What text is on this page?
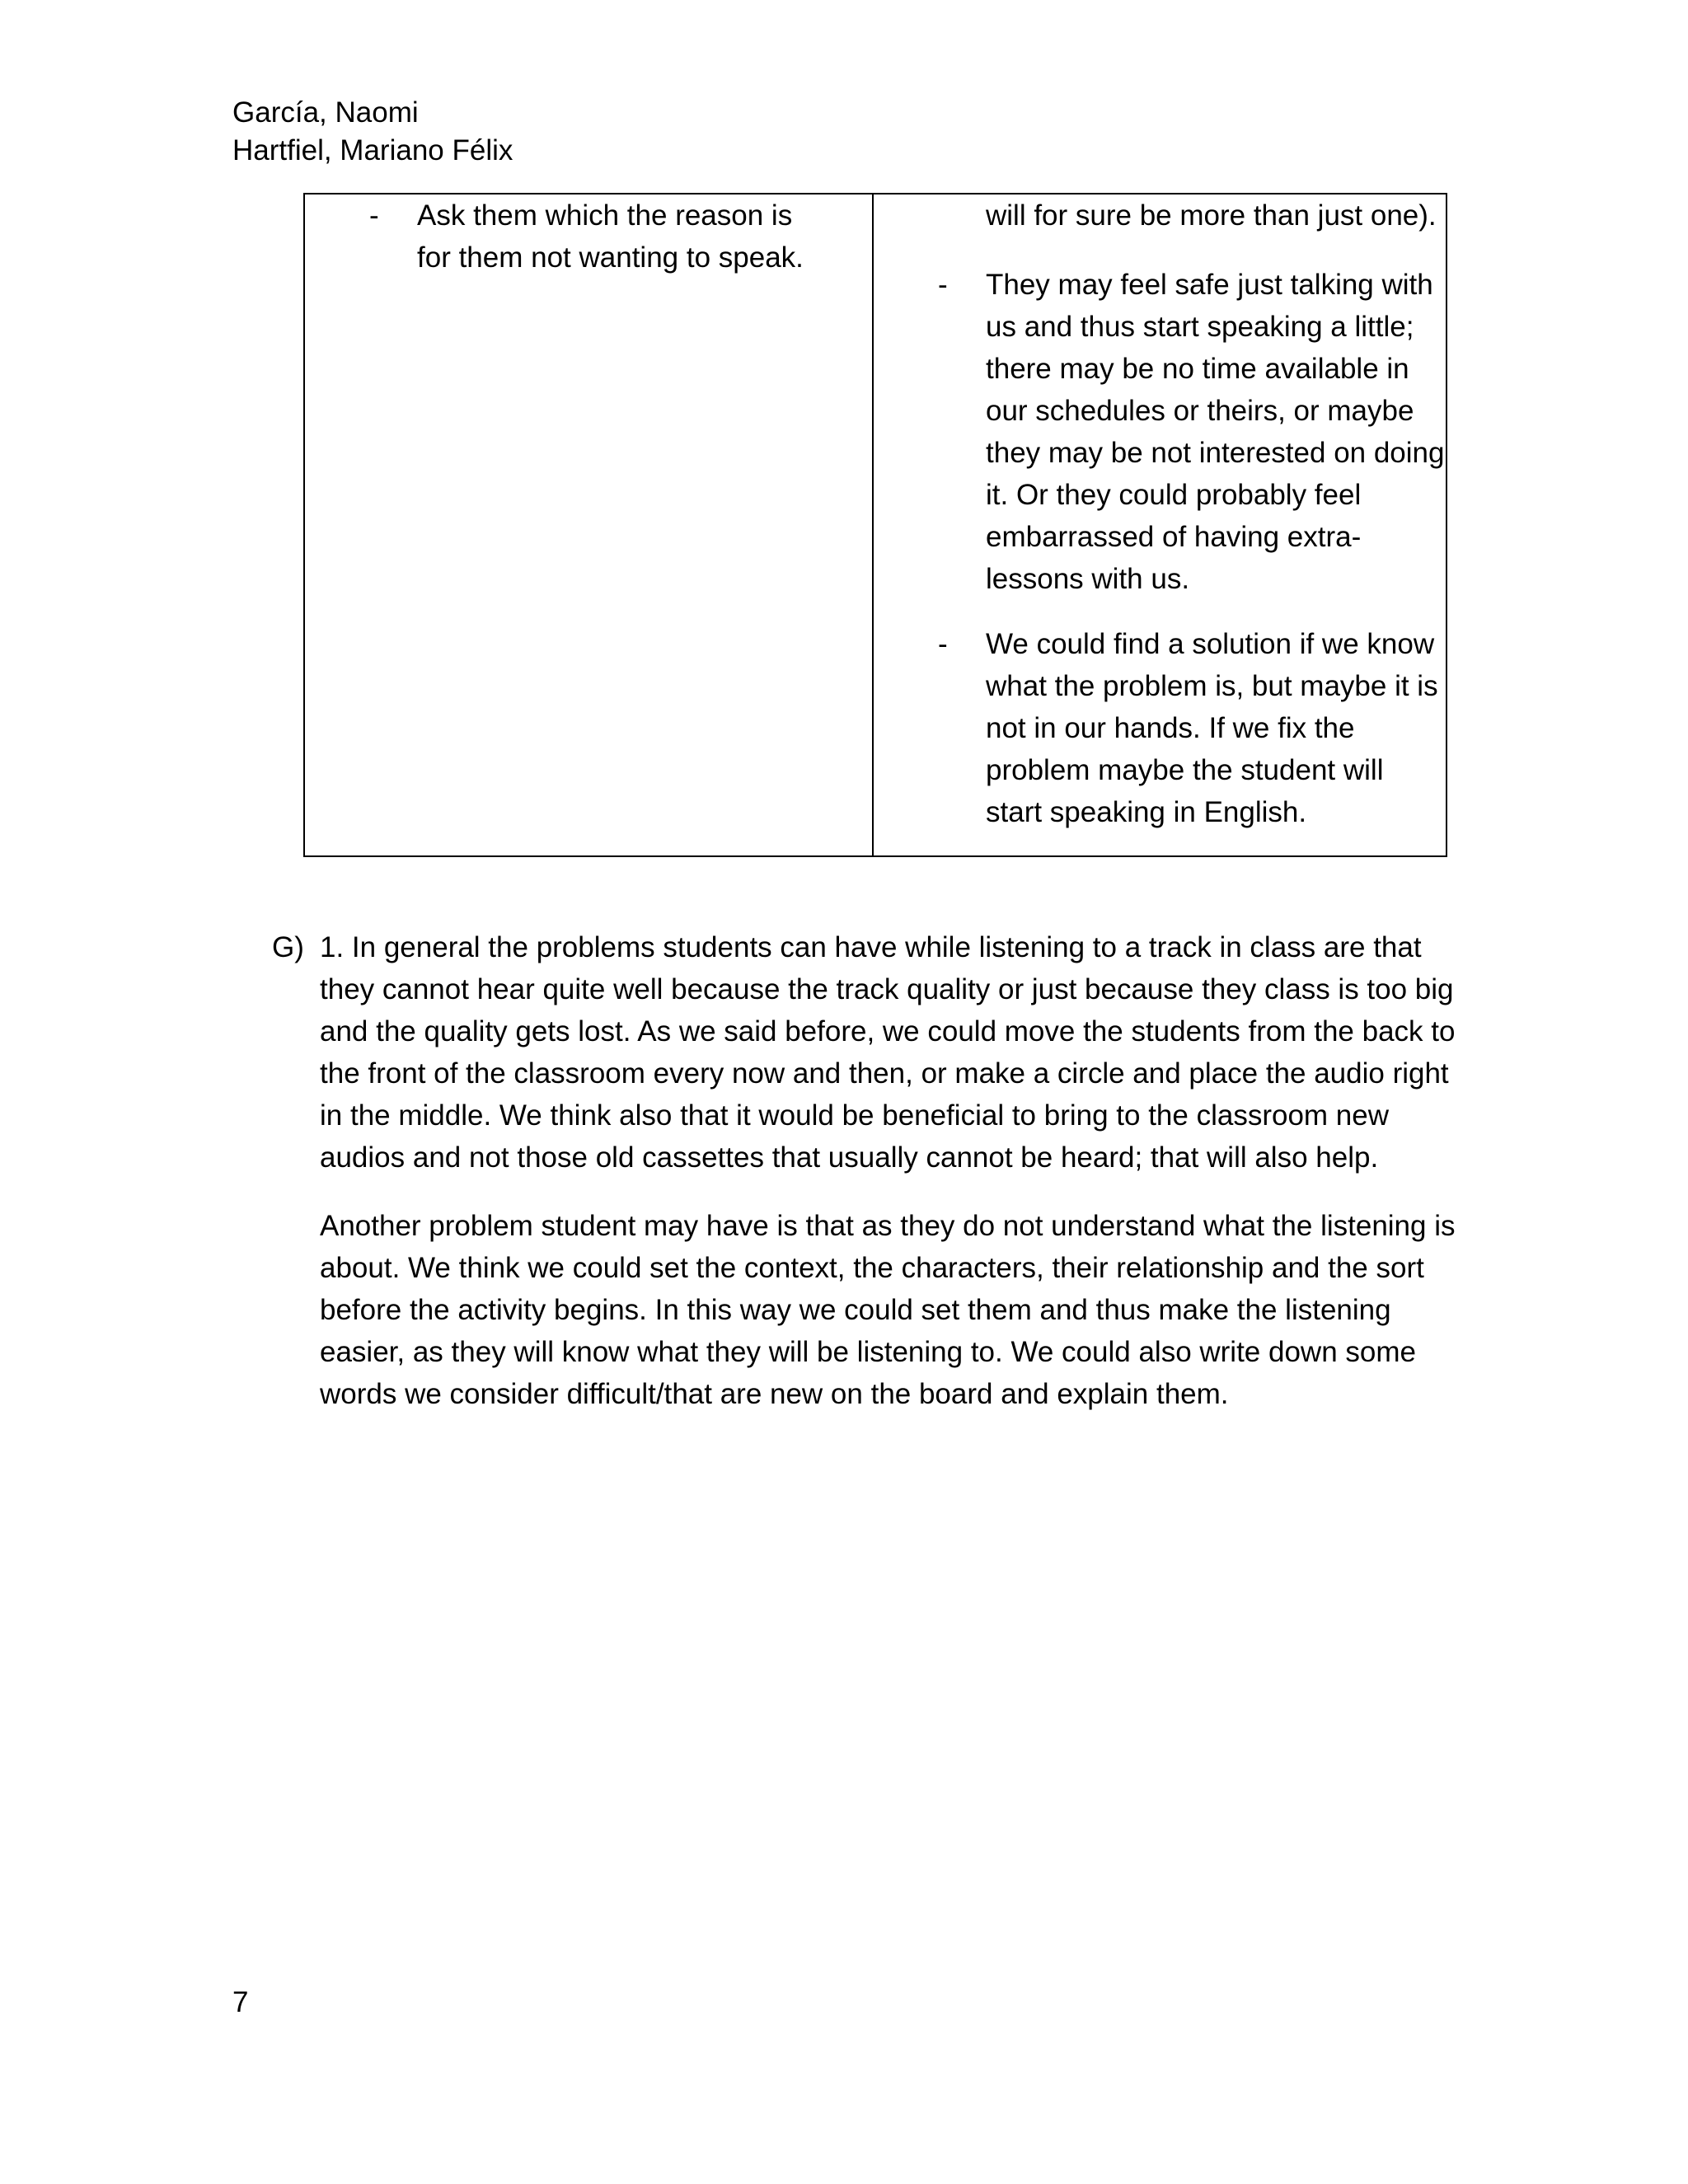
García, Naomi
Hartfiel, Mariano Félix
- Ask them which the reason is for them not wanting to speak.
will for sure be more than just one).
- They may feel safe just talking with us and thus start speaking a little; there may be no time available in our schedules or theirs, or maybe they may be not interested on doing it. Or they could probably feel embarrassed of having extra-lessons with us.
- We could find a solution if we know what the problem is, but maybe it is not in our hands. If we fix the problem maybe the student will start speaking in English.
G) 1. In general the problems students can have while listening to a track in class are that they cannot hear quite well because the track quality or just because they class is too big and the quality gets lost. As we said before, we could move the students from the back to the front of the classroom every now and then, or make a circle and place the audio right in the middle. We think also that it would be beneficial to bring to the classroom new audios and not those old cassettes that usually cannot be heard; that will also help.
Another problem student may have is that as they do not understand what the listening is about. We think we could set the context, the characters, their relationship and the sort before the activity begins. In this way we could set them and thus make the listening easier, as they will know what they will be listening to. We could also write down some words we consider difficult/that are new on the board and explain them.
7
